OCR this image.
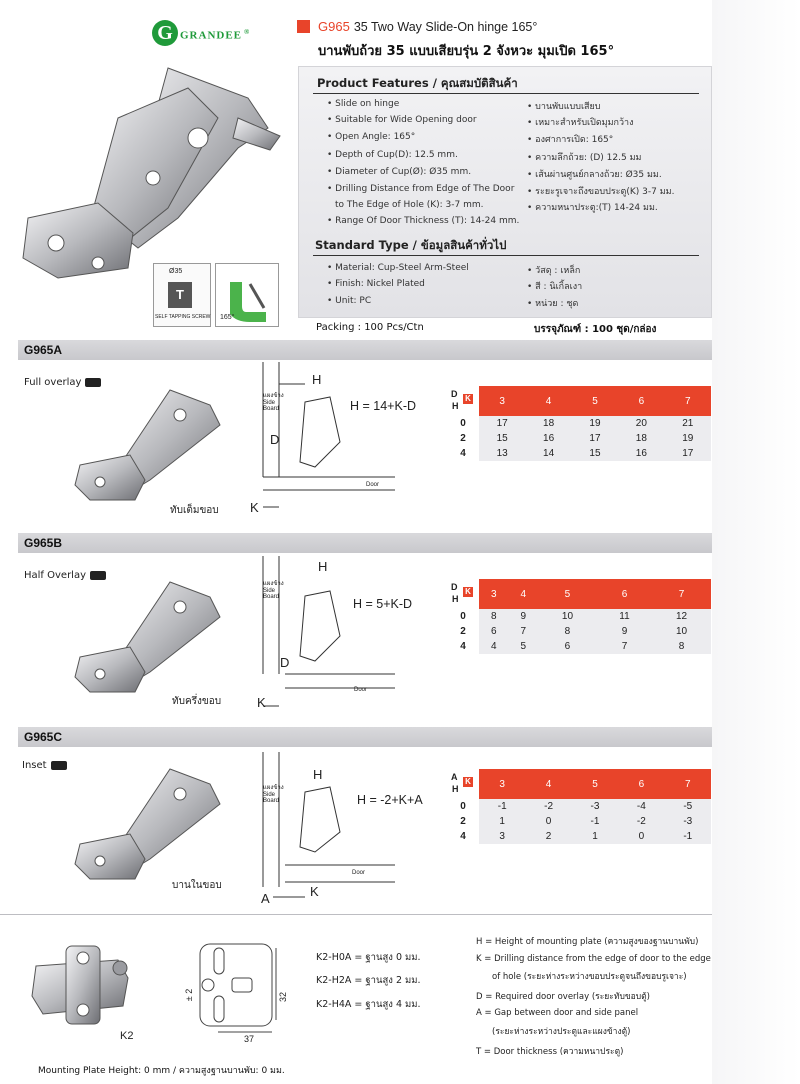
G GRANDEE ®	G965 35 Two Way Slide-On hinge 165°
บานพับถ้วย 35 แบบเสียบรุ่น 2 จังหวะ มุมเปิด 165°
Ø35
T
SELF TAPPING SCREW 165°
Product Features / คุณสมบัติสินค้า
• Slide on hinge
• Suitable for Wide Opening door
• Open Angle: 165°
• Depth of Cup(D): 12.5 mm.
• Diameter of Cup(Ø): Ø35 mm.
• Drilling Distance from Edge of The Door
to The Edge of Hole (K): 3-7 mm.
• Range Of Door Thickness (T): 14-24 mm.
• บานพับแบบเสียบ
• เหมาะสำหรับเปิดมุมกว้าง
• องศาการเปิด: 165°
• ความลึกถ้วย: (D) 12.5 มม
• เส้นผ่านศูนย์กลางถ้วย: Ø35 มม.
• ระยะรูเจาะถึงขอบประตู(K) 3-7 มม.
• ความหนาประตู:(T) 14-24 มม.
Standard Type / ข้อมูลสินค้าทั่วไป
• Material: Cup-Steel Arm-Steel
• Finish: Nickel Plated
• Unit: PC
• วัสดุ : เหล็ก
• สี : นิเกิ้ลเงา
• หน่วย : ชุด
Packing : 100 Pcs/Ctn	บรรจุภัณฑ์ : 100 ชุด/กล่อง
G965A
Full overlay
ทับเต็มขอบ
แผงข้าง
Side
Board
H
D
K
Door
H = 14+K-D
D
H
K	3	4	5	6	7
0	17	18	19	20	21
2	15	16	17	18	19
4	13	14	15	16	17
G965B
Half Overlay
ทับครึ่งขอบ
แผงข้าง
Side
Board
H
D
K
Door
H = 5+K-D
D
H
K	3	4	5	6	7
0	8	9	10	11	12
2	6	7	8	9	10
4	4	5	6	7	8
G965C
Inset
บานในขอบ
แผงข้าง
Side
Board
H
K
A
Door
H = -2+K+A
A
H
K	3	4	5	6	7
0	-1	-2	-3	-4	-5
2	1	0	-1	-2	-3
4	3	2	1	0	-1
K2
± 2	32
37
K2-H0A = ฐานสูง 0 มม.
K2-H2A = ฐานสูง 2 มม.
K2-H4A = ฐานสูง 4 มม.
Mounting Plate Height: 0 mm / ความสูงฐานบานพับ: 0 มม.
H = Height of mounting plate (ความสูงของฐานบานพับ)
K = Drilling distance from the edge of door to the edge
of hole (ระยะห่างระหว่างขอบประตูจนถึงขอบรูเจาะ)
D = Required door overlay (ระยะทับขอบตู้)
A = Gap between door and side panel
(ระยะห่างระหว่างประตูและแผงข้างตู้)
T = Door thickness (ความหนาประตู)
